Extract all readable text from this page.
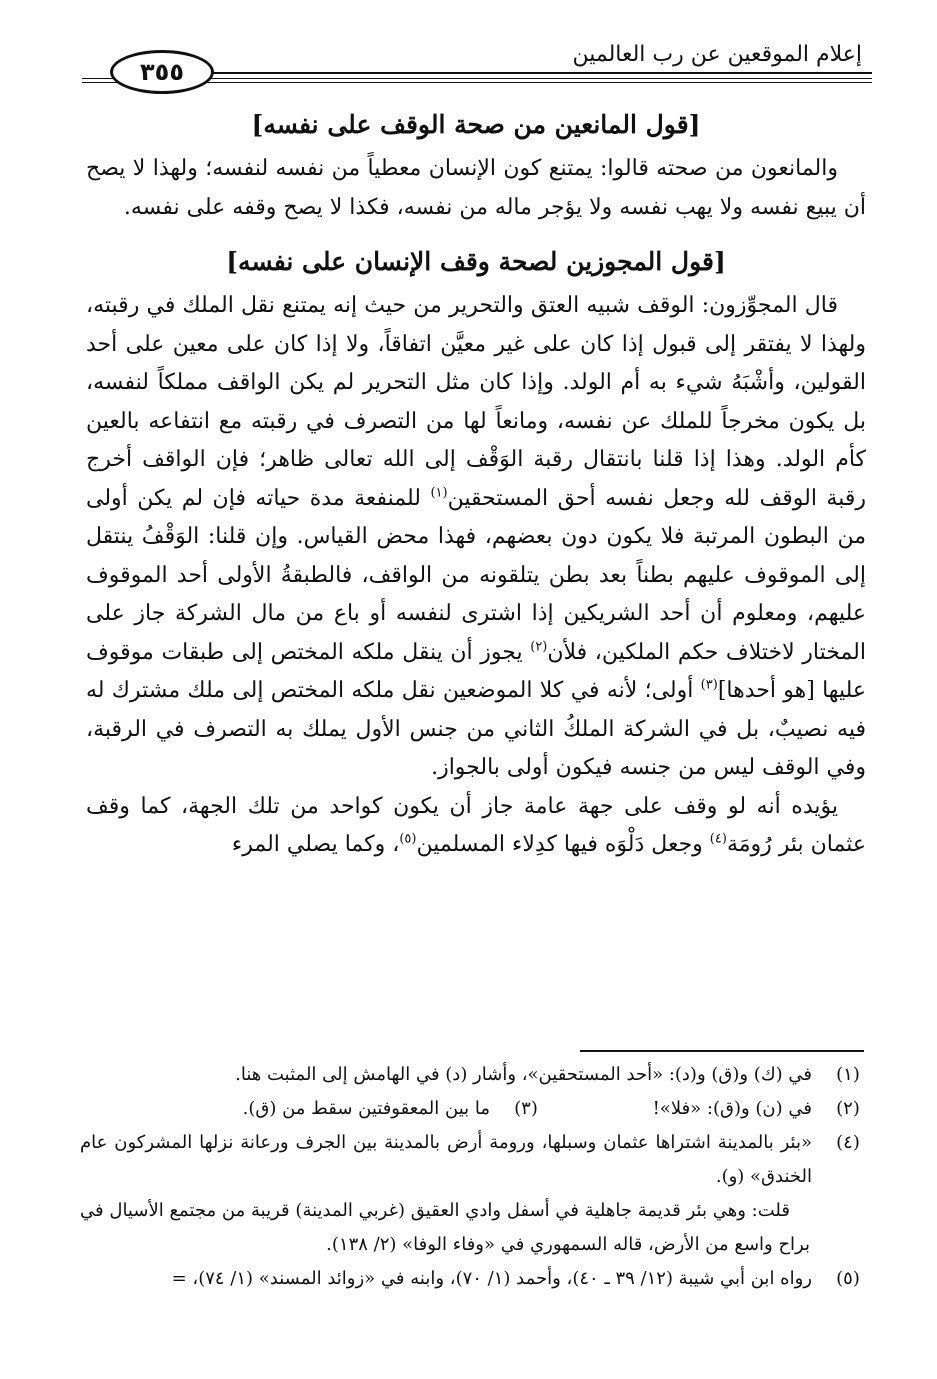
إعلام الموقعين عن رب العالمين
٣٥٥
[قول المانعين من صحة الوقف على نفسه]

والمانعون من صحته قالوا: يمتنع كون الإنسان معطياً من نفسه لنفسه؛ ولهذا لا يصح أن يبيع نفسه ولا يهب نفسه ولا يؤجر ماله من نفسه، فكذا لا يصح وقفه على نفسه.

[قول المجوزين لصحة وقف الإنسان على نفسه]

قال المجوِّزون: الوقف شبيه العتق والتحرير من حيث إنه يمتنع نقل الملك في رقبته، ولهذا لا يفتقر إلى قبول إذا كان على غير معيَّن اتفاقاً، ولا إذا كان على معين على أحد القولين، وأشْبَهُ شيء به أم الولد. وإذا كان مثل التحرير لم يكن الواقف مملكاً لنفسه، بل يكون مخرجاً للملك عن نفسه، ومانعاً لها من التصرف في رقبته مع انتفاعه بالعين كأم الولد. وهذا إذا قلنا بانتقال رقبة الوَقْف إلى الله تعالى ظاهر؛ فإن الواقف أخرج رقبة الوقف لله وجعل نفسه أحق المستحقين$^{(١)}$ للمنفعة مدة حياته فإن لم يكن أولى من البطون المرتبة فلا يكون دون بعضهم، فهذا محض القياس. وإن قلنا: الوَقْفُ ينتقل إلى الموقوف عليهم بطناً بعد بطن يتلقونه من الواقف، فالطبقةُ الأولى أحد الموقوف عليهم، ومعلوم أن أحد الشريكين إذا اشترى لنفسه أو باع من مال الشركة جاز على المختار لاختلاف حكم الملكين، فلأن$^{(٢)}$ يجوز أن ينقل ملكه المختص إلى طبقات موقوف عليها [هو أحدها]$^{(٣)}$ أولى؛ لأنه في كلا الموضعين نقل ملكه المختص إلى ملك مشترك له فيه نصيبٌ، بل في الشركة الملكُ الثاني من جنس الأول يملك به التصرف في الرقبة، وفي الوقف ليس من جنسه فيكون أولى بالجواز.

يؤيده أنه لو وقف على جهة عامة جاز أن يكون كواحد من تلك الجهة، كما وقف عثمان بئر رُومَة$^{(٤)}$ وجعل دَلْوَه فيها كدِلاء المسلمين$^{(٥)}$، وكما يصلي المرء

(١)
في (ك) و(ق) و(د): «أحد المستحقين»، وأشار (د) في الهامش إلى المثبت هنا.

(٢)
في (ن) و(ق): «فلا»!
(٣)
ما بين المعقوفتين سقط من (ق).

(٤)
«بئر بالمدينة اشتراها عثمان وسبلها، ورومة أرض بالمدينة بين الجرف ورعانة نزلها المشركون عام الخندق» (و).

قلت: وهي بئر قديمة جاهلية في أسفل وادي العقيق (غربي المدينة) قريبة من مجتمع الأسيال في براح واسع من الأرض، قاله السمهوري في «وفاء الوفا» (٢/ ١٣٨).

(٥)
رواه ابن أبي شيبة (١٢/ ٣٩ ـ ٤٠)، وأحمد (١/ ٧٠)، وابنه في «زوائد المسند» (١/ ٧٤)، =
